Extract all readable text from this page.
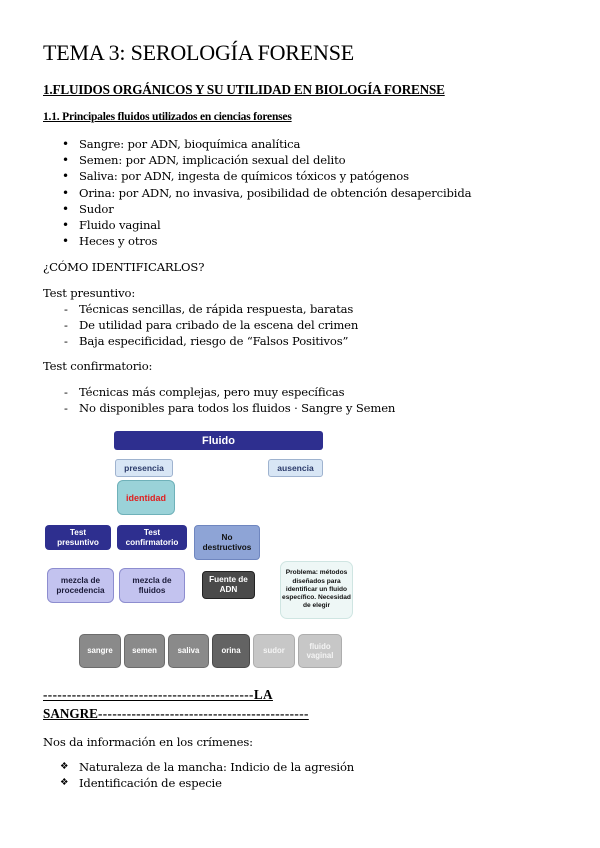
TEMA 3: SEROLOGÍA FORENSE
1.FLUIDOS ORGÁNICOS Y SU UTILIDAD EN BIOLOGÍA FORENSE
1.1. Principales fluidos utilizados en ciencias forenses
• Sangre: por ADN, bioquímica analítica
• Semen: por ADN, implicación sexual del delito
• Saliva: por ADN, ingesta de químicos tóxicos y patógenos
• Orina: por ADN, no invasiva, posibilidad de obtención desapercibida
• Sudor
• Fluido vaginal
• Heces y otros
¿CÓMO IDENTIFICARLOS?
Test presuntivo:
- Técnicas sencillas, de rápida respuesta, baratas
- De utilidad para cribado de la escena del crimen
- Baja especificidad, riesgo de “Falsos Positivos”
Test confirmatorio:
- Técnicas más complejas, pero muy específicas
- No disponibles para todos los fluidos · Sangre y Semen
Fluido
presencia	ausencia
identidad
Test
presuntivo
Test
confirmatorio
No
destructivos
mezcla de
procedencia
mezcla de
fluidos
Fuente de
ADN
Problema: métodos
diseñados para
identificar un fluido
específico. Necesidad
de elegir
sangre	semen	saliva	orina	sudor	fluido vaginal
--------------------------------------------LA
SANGRE--------------------------------------------
Nos da información en los crímenes:
❖ Naturaleza de la mancha: Indicio de la agresión
❖ Identificación de especie
